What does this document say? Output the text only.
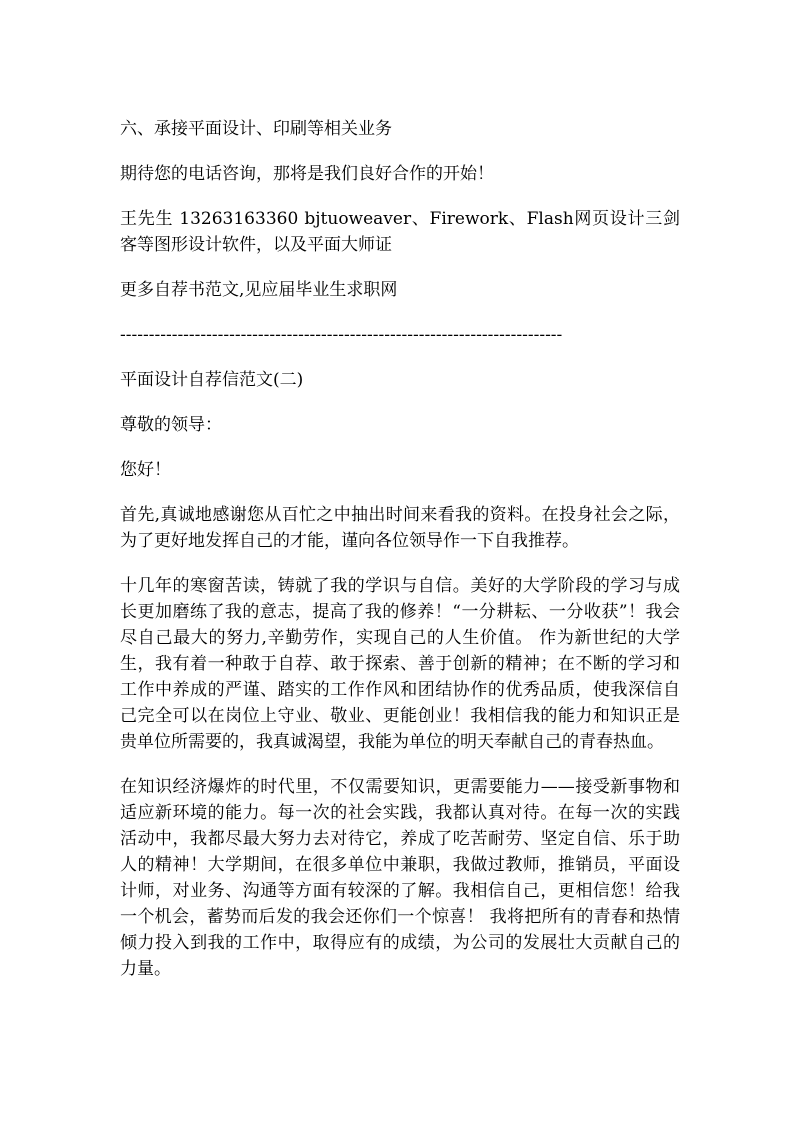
六、承接平面设计、印刷等相关业务

期待您的电话咨询，那将是我们良好合作的开始！

王先生 13263163360 bjtuoweaver、Firework、Flash网页设计三剑客等图形设计软件，以及平面大师证

更多自荐书范文,见应届毕业生求职网

-----------------------------------------------------------------------------

平面设计自荐信范文(二)

尊敬的领导：

您好！

首先,真诚地感谢您从百忙之中抽出时间来看我的资料。在投身社会之际，为了更好地发挥自己的才能，谨向各位领导作一下自我推荐。

十几年的寒窗苦读，铸就了我的学识与自信。美好的大学阶段的学习与成长更加磨练了我的意志，提高了我的修养！“一分耕耘、一分收获”！我会尽自己最大的努力,辛勤劳作，实现自己的人生价值。 作为新世纪的大学生，我有着一种敢于自荐、敢于探索、善于创新的精神；在不断的学习和工作中养成的严谨、踏实的工作作风和团结协作的优秀品质，使我深信自己完全可以在岗位上守业、敬业、更能创业！我相信我的能力和知识正是贵单位所需要的，我真诚渴望，我能为单位的明天奉献自己的青春热血。

在知识经济爆炸的时代里，不仅需要知识，更需要能力——接受新事物和适应新环境的能力。每一次的社会实践，我都认真对待。在每一次的实践活动中，我都尽最大努力去对待它，养成了吃苦耐劳、坚定自信、乐于助人的精神！大学期间，在很多单位中兼职，我做过教师，推销员，平面设计师，对业务、沟通等方面有较深的了解。我相信自己，更相信您！给我一个机会，蓄势而后发的我会还你们一个惊喜！ 我将把所有的青春和热情倾力投入到我的工作中，取得应有的成绩，为公司的发展壮大贡献自己的力量。
